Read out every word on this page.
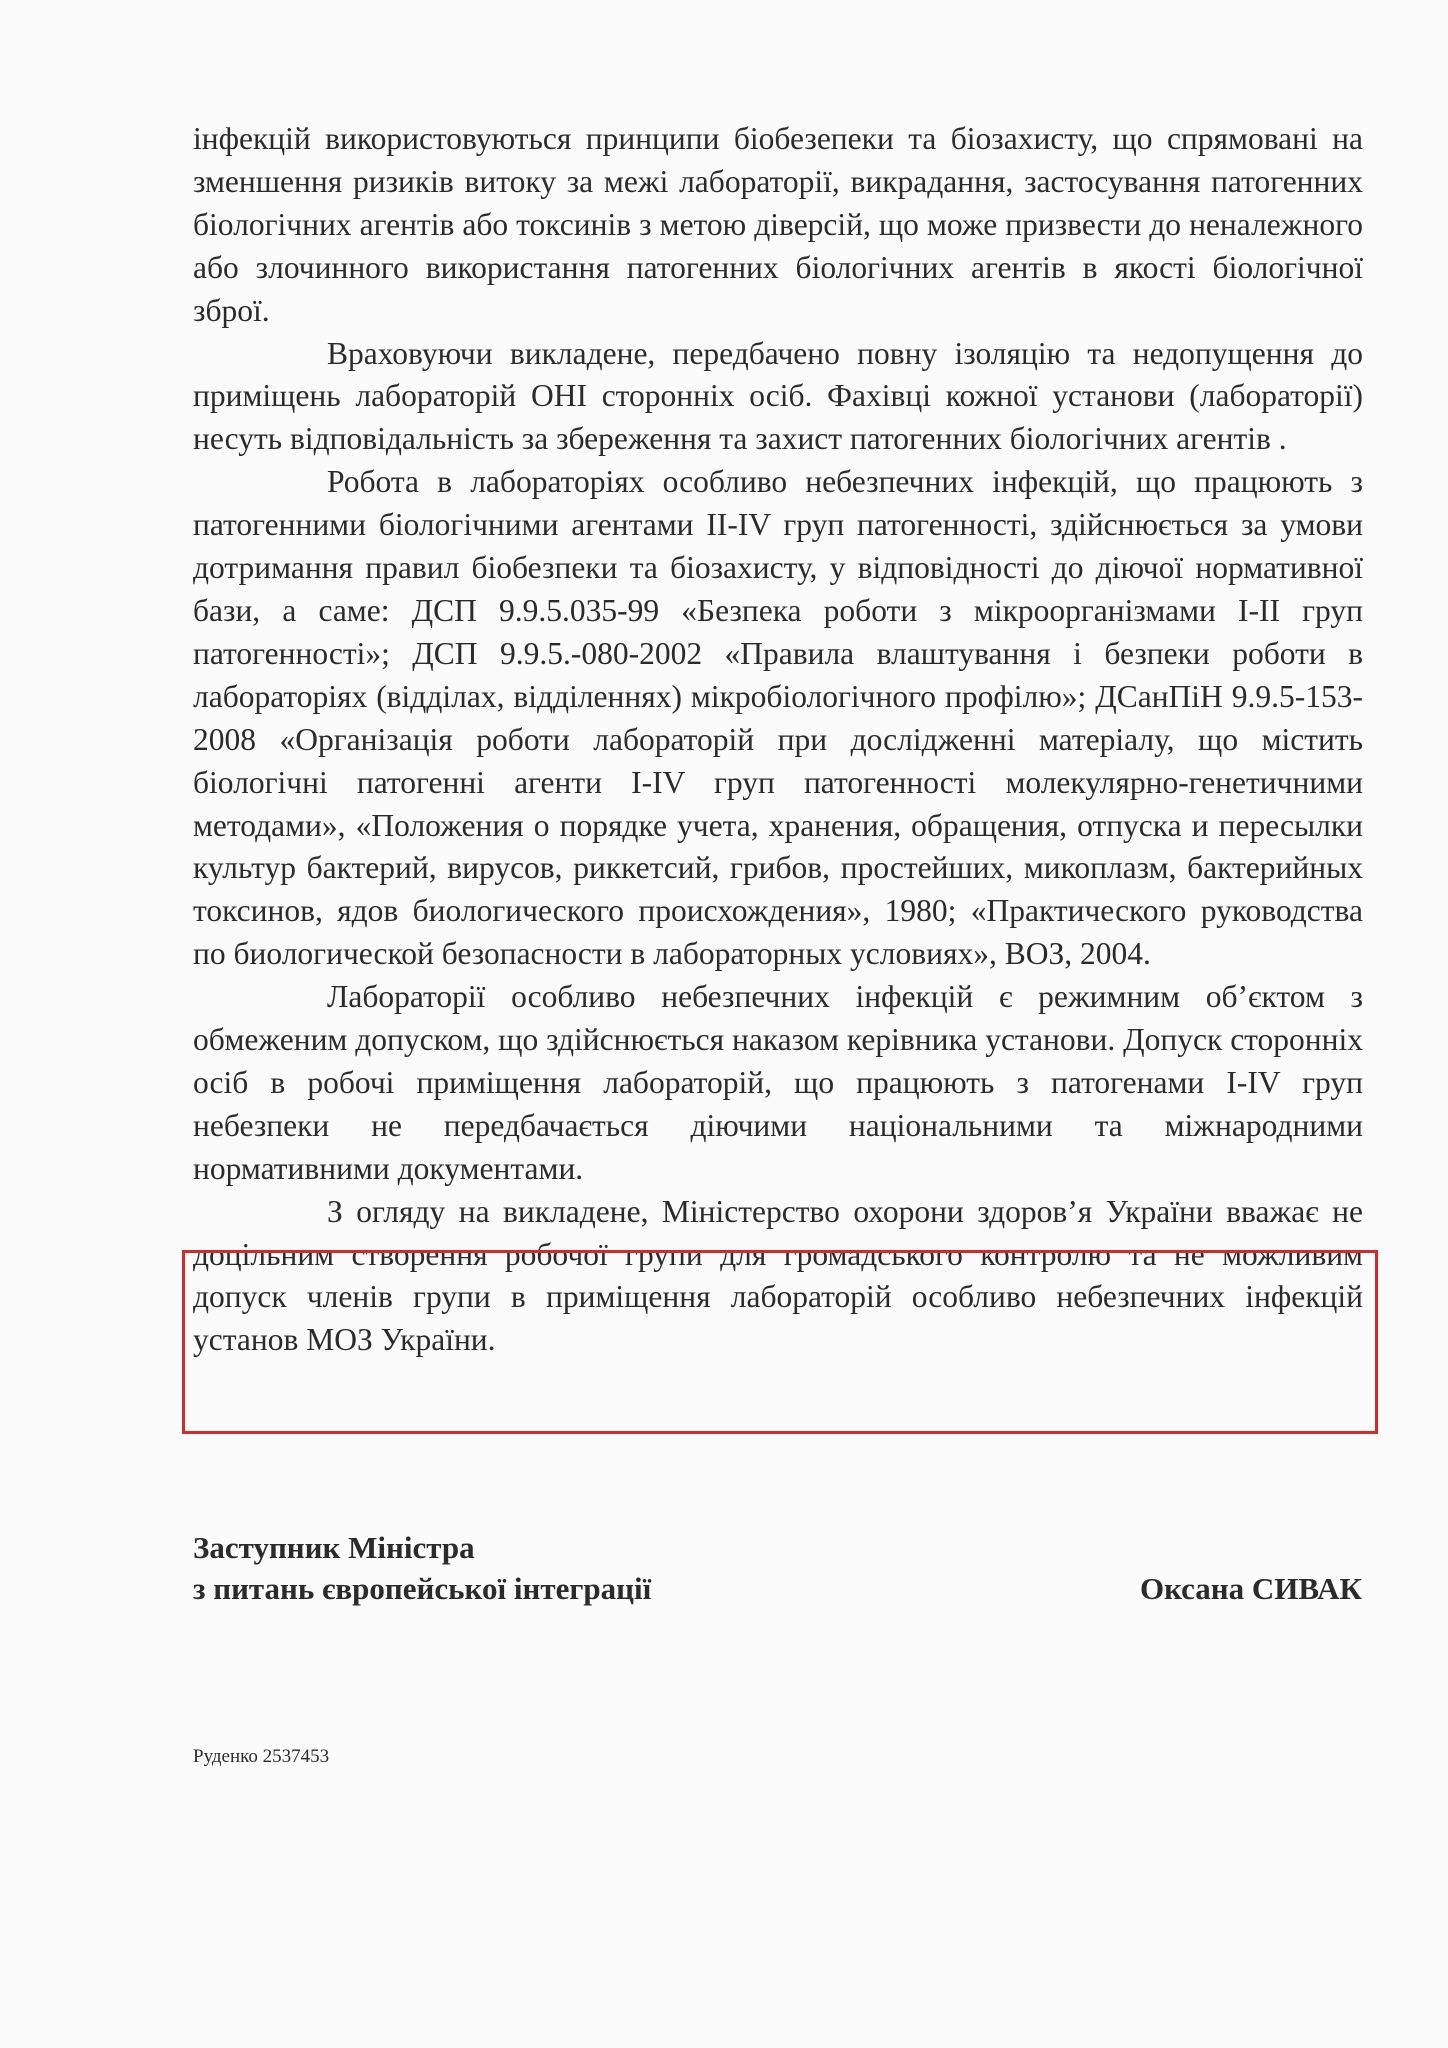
інфекцій використовуються принципи біобезепеки та біозахисту, що спрямовані на зменшення ризиків витоку за межі лабораторії, викрадання, застосування патогенних біологічних агентів або токсинів з метою діверсій, що може призвести до неналежного або злочинного використання патогенних біологічних агентів в якості біологічної зброї.

Враховуючи викладене, передбачено повну ізоляцію та недопущення до приміщень лабораторій ОНІ сторонніх осіб. Фахівці кожної установи (лабораторії) несуть відповідальність за збереження та захист патогенних біологічних агентів .

Робота в лабораторіях особливо небезпечних інфекцій, що працюють з патогенними біологічними агентами ІІ-IV груп патогенності, здійснюється за умови дотримання правил біобезпеки та біозахисту, у відповідності до діючої нормативної бази, а саме: ДСП 9.9.5.035-99 «Безпека роботи з мікроорганізмами І-ІІ груп патогенності»; ДСП 9.9.5.-080-2002 «Правила влаштування і безпеки роботи в лабораторіях (відділах, відділеннях) мікробіологічного профілю»; ДСанПіН 9.9.5-153-2008 «Організація роботи лабораторій при дослідженні матеріалу, що містить біологічні патогенні агенти І-IV груп патогенності молекулярно-генетичними методами», «Положения о порядке учета, хранения, обращения, отпуска и пересылки культур бактерий, вирусов, риккетсий, грибов, простейших, микоплазм, бактерийных токсинов, ядов биологического происхождения», 1980; «Практического руководства по биологической безопасности в лабораторных условиях», ВОЗ, 2004.

Лабораторії особливо небезпечних інфекцій є режимним об’єктом з обмеженим допуском, що здійснюється наказом керівника установи. Допуск сторонніх осіб в робочі приміщення лабораторій, що працюють з патогенами І-IV груп небезпеки не передбачається діючими національними та міжнародними нормативними документами.

З огляду на викладене, Міністерство охорони здоров’я України вважає не доцільним створення робочої групи для громадського контролю та не можливим допуск членів групи в приміщення лабораторій особливо небезпечних інфекцій установ МОЗ України.

Заступник Міністра
з питань європейської інтеграції	Оксана СИВАК
Руденко 2537453
